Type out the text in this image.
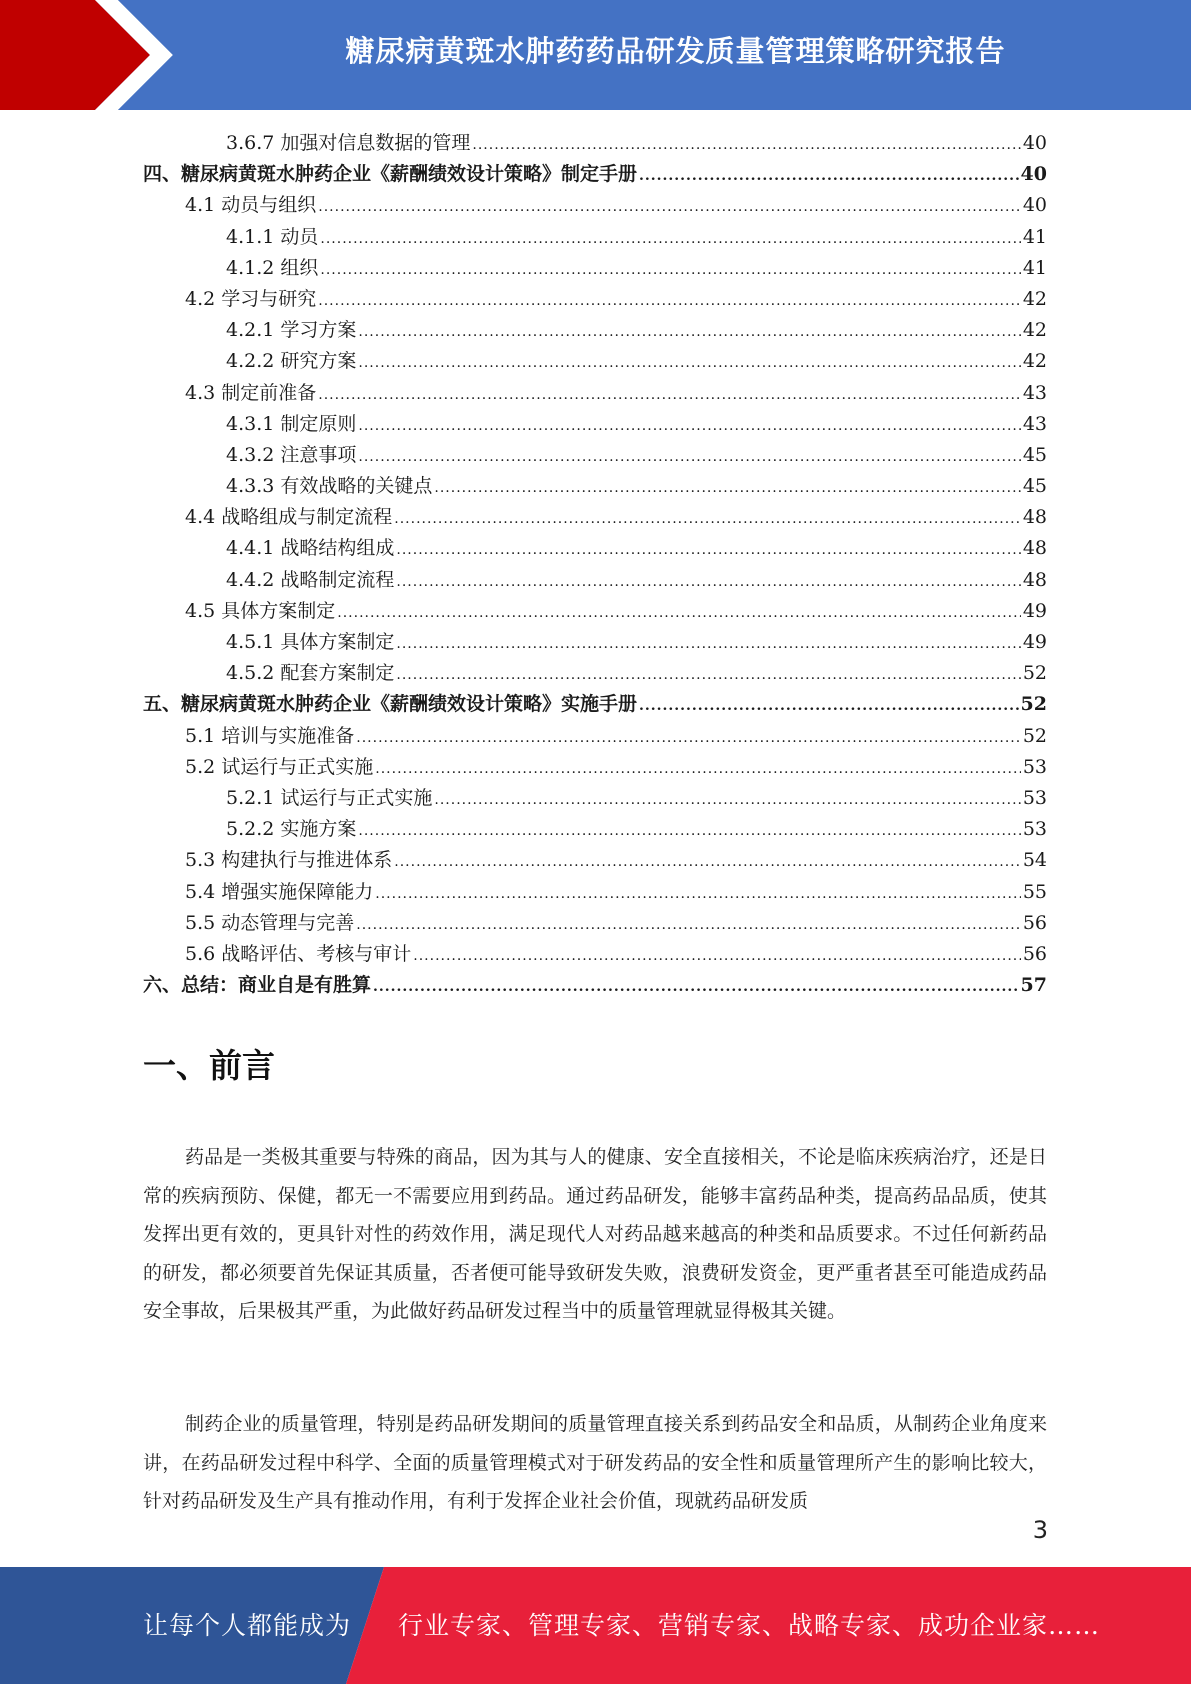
糖尿病黄斑水肿药药品研发质量管理策略研究报告
3.6.7 加强对信息数据的管理 .....	40
四、糖尿病黄斑水肿药企业《薪酬绩效设计策略》制定手册 .....	40
4.1 动员与组织 .....	40
4.1.1 动员 .....	41
4.1.2 组织 .....	41
4.2 学习与研究 .....	42
4.2.1 学习方案 .....	42
4.2.2 研究方案 .....	42
4.3 制定前准备 .....	43
4.3.1 制定原则 .....	43
4.3.2 注意事项 .....	45
4.3.3 有效战略的关键点 .....	45
4.4 战略组成与制定流程 .....	48
4.4.1 战略结构组成 .....	48
4.4.2 战略制定流程 .....	48
4.5 具体方案制定 .....	49
4.5.1 具体方案制定 .....	49
4.5.2 配套方案制定 .....	52
五、糖尿病黄斑水肿药企业《薪酬绩效设计策略》实施手册 .....	52
5.1 培训与实施准备 .....	52
5.2 试运行与正式实施 .....	53
5.2.1 试运行与正式实施 .....	53
5.2.2 实施方案 .....	53
5.3 构建执行与推进体系 .....	54
5.4 增强实施保障能力 .....	55
5.5 动态管理与完善 .....	56
5.6 战略评估、考核与审计 .....	56
六、总结：商业自是有胜算 .....	57
一、前言

药品是一类极其重要与特殊的商品，因为其与人的健康、安全直接相关，不论是临床疾病治疗，还是日常的疾病预防、保健，都无一不需要应用到药品。通过药品研发，能够丰富药品种类，提高药品品质，使其发挥出更有效的，更具针对性的药效作用，满足现代人对药品越来越高的种类和品质要求。不过任何新药品的研发，都必须要首先保证其质量，否者便可能导致研发失败，浪费研发资金，更严重者甚至可能造成药品安全事故，后果极其严重，为此做好药品研发过程当中的质量管理就显得极其关键。

制药企业的质量管理，特别是药品研发期间的质量管理直接关系到药品安全和品质，从制药企业角度来讲，在药品研发过程中科学、全面的质量管理模式对于研发药品的安全性和质量管理所产生的影响比较大，针对药品研发及生产具有推动作用，有利于发挥企业社会价值，现就药品研发质

3
让每个人都能成为 行业专家、管理专家、营销专家、战略专家、成功企业家……
